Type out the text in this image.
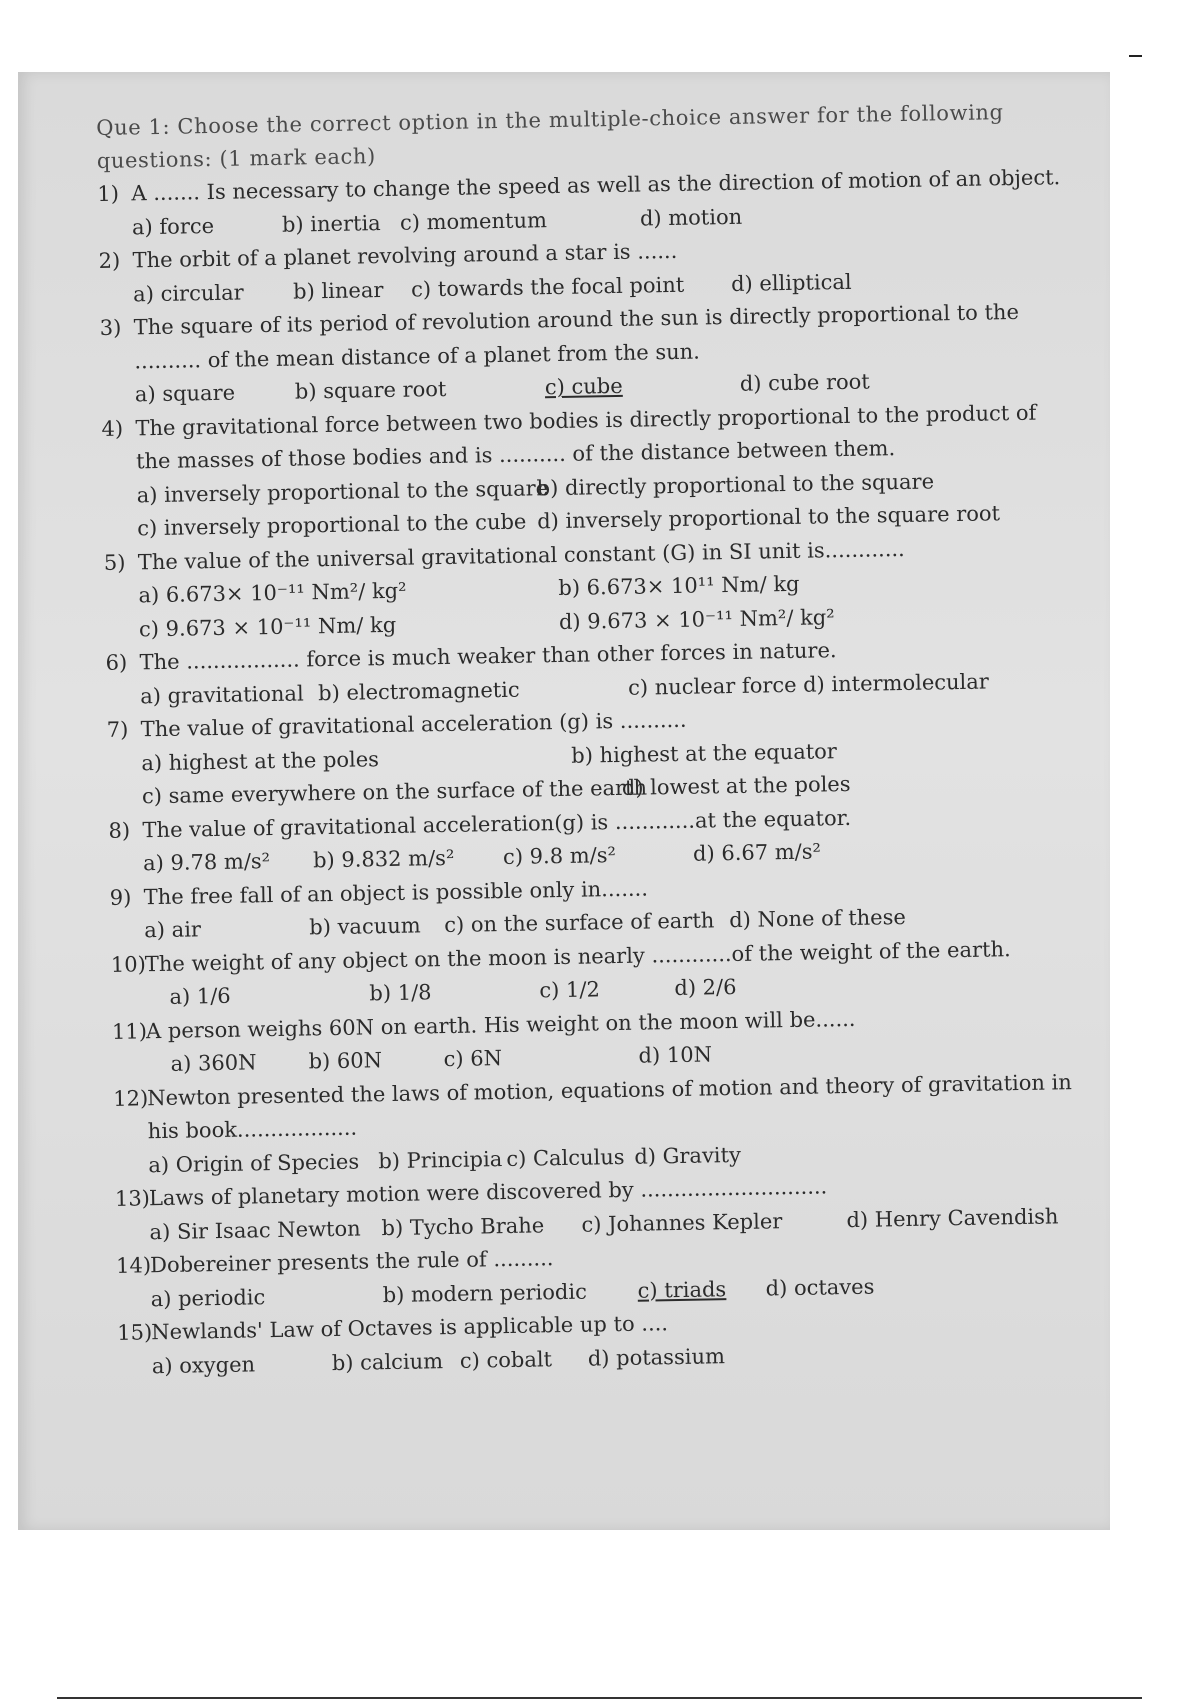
Que 1: Choose the correct option in the multiple-choice answer for the following questions: (1 mark each)
1) A ....... Is necessary to change the speed as well as the direction of motion of an object.
a) force	b) inertia c) momentum	d) motion
2) The orbit of a planet revolving around a star is ......
a) circular	b) linear	c) towards the focal point	d) elliptical
3) The square of its period of revolution around the sun is directly proportional to the .......... of the mean distance of a planet from the sun.
a) square	b) square root	c) cube	d) cube root
4) The gravitational force between two bodies is directly proportional to the product of the masses of those bodies and is .......... of the distance between them.
a) inversely proportional to the square
b) directly proportional to the square
c) inversely proportional to the cube d) inversely proportional to the square root
5) The value of the universal gravitational constant (G) in SI unit is............
a) 6.673× 10⁻¹¹ Nm²/ kg²	b) 6.673× 10¹¹ Nm/ kg
c) 9.673 × 10⁻¹¹ Nm/ kg	d) 9.673 × 10⁻¹¹ Nm²/ kg²
6) The ................. force is much weaker than other forces in nature.
a) gravitational b) electromagnetic	c) nuclear force d) intermolecular
7) The value of gravitational acceleration (g) is ..........
a) highest at the poles	b) highest at the equator
c) same everywhere on the surface of the earth
d) lowest at the poles
8) The value of gravitational acceleration(g) is ............at the equator.
a) 9.78 m/s²	b) 9.832 m/s²	c) 9.8 m/s²	d) 6.67 m/s²
9) The free fall of an object is possible only in.......
a) air	b) vacuum	c) on the surface of earth d) None of these
10)
The weight of any object on the moon is nearly ............of the weight of the earth.
a) 1/6	b) 1/8	c) 1/2	d) 2/6
11)
A person weighs 60N on earth. His weight on the moon will be......
a) 360N	b) 60N	c) 6N	d) 10N
12)
Newton presented the laws of motion, equations of motion and theory of gravitation in his book..................
a) Origin of Species b) Principia c) Calculus d) Gravity
13)
Laws of planetary motion were discovered by ............................
a) Sir Isaac Newton b) Tycho Brahe	c) Johannes Kepler	d) Henry Cavendish
14)
Dobereiner presents the rule of .........
a) periodic	b) modern periodic	c) triads	d) octaves
15)
Newlands' Law of Octaves is applicable up to ....
a) oxygen	b) calcium c) cobalt	d) potassium
